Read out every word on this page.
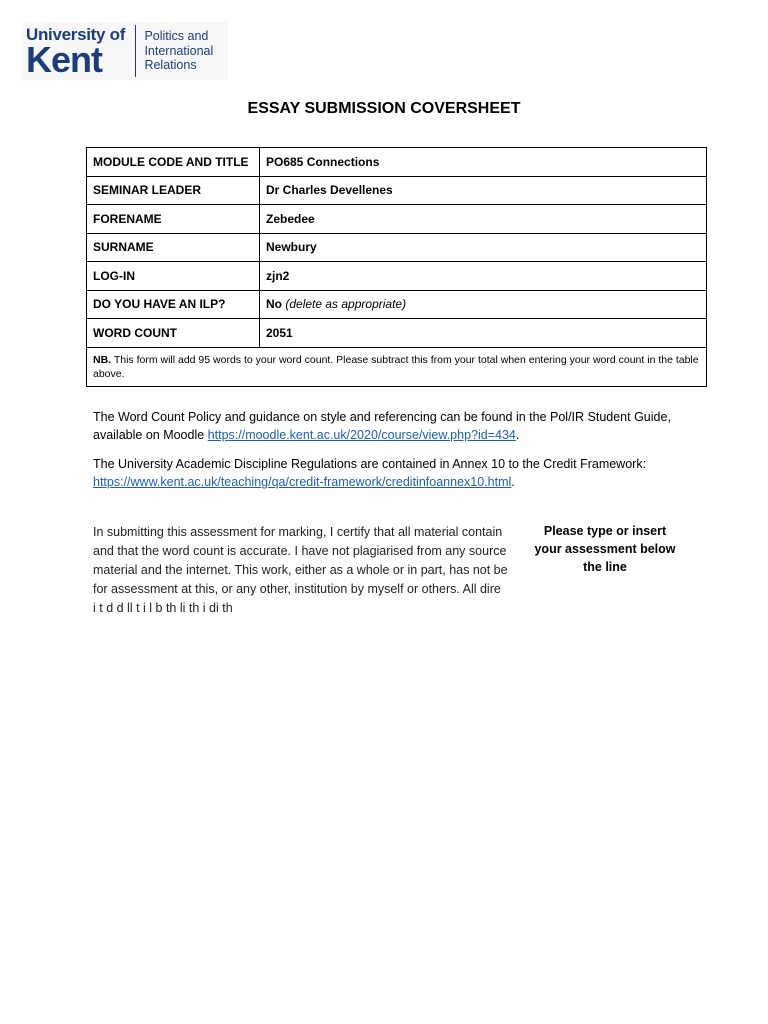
University of
Kent
Politics and
International
Relations
ESSAY SUBMISSION COVERSHEET
MODULE CODE AND TITLE	PO685 Connections
SEMINAR LEADER	Dr Charles Devellenes
FORENAME	Zebedee
SURNAME	Newbury
LOG-IN	zjn2
DO YOU HAVE AN ILP?	No (delete as appropriate)
WORD COUNT	2051
NB. This form will add 95 words to your word count. Please subtract this from your total when entering your word count in the table above.	
The Word Count Policy and guidance on style and referencing can be found in the Pol/IR Student Guide, available on Moodle https://moodle.kent.ac.uk/2020/course/view.php?id=434.
The University Academic Discipline Regulations are contained in Annex 10 to the Credit Framework:
https://www.kent.ac.uk/teaching/qa/credit-framework/creditinfoannex10.html.

In submitting this assessment for marking, I certify that all material contain

and that the word count is accurate. I have not plagiarised from any source

material and the internet. This work, either as a whole or in part, has not be

for assessment at this, or any other, institution by myself or others. All dire

i t d d ll t i l b th li th i di th

Please type or insert your assessment below the line
